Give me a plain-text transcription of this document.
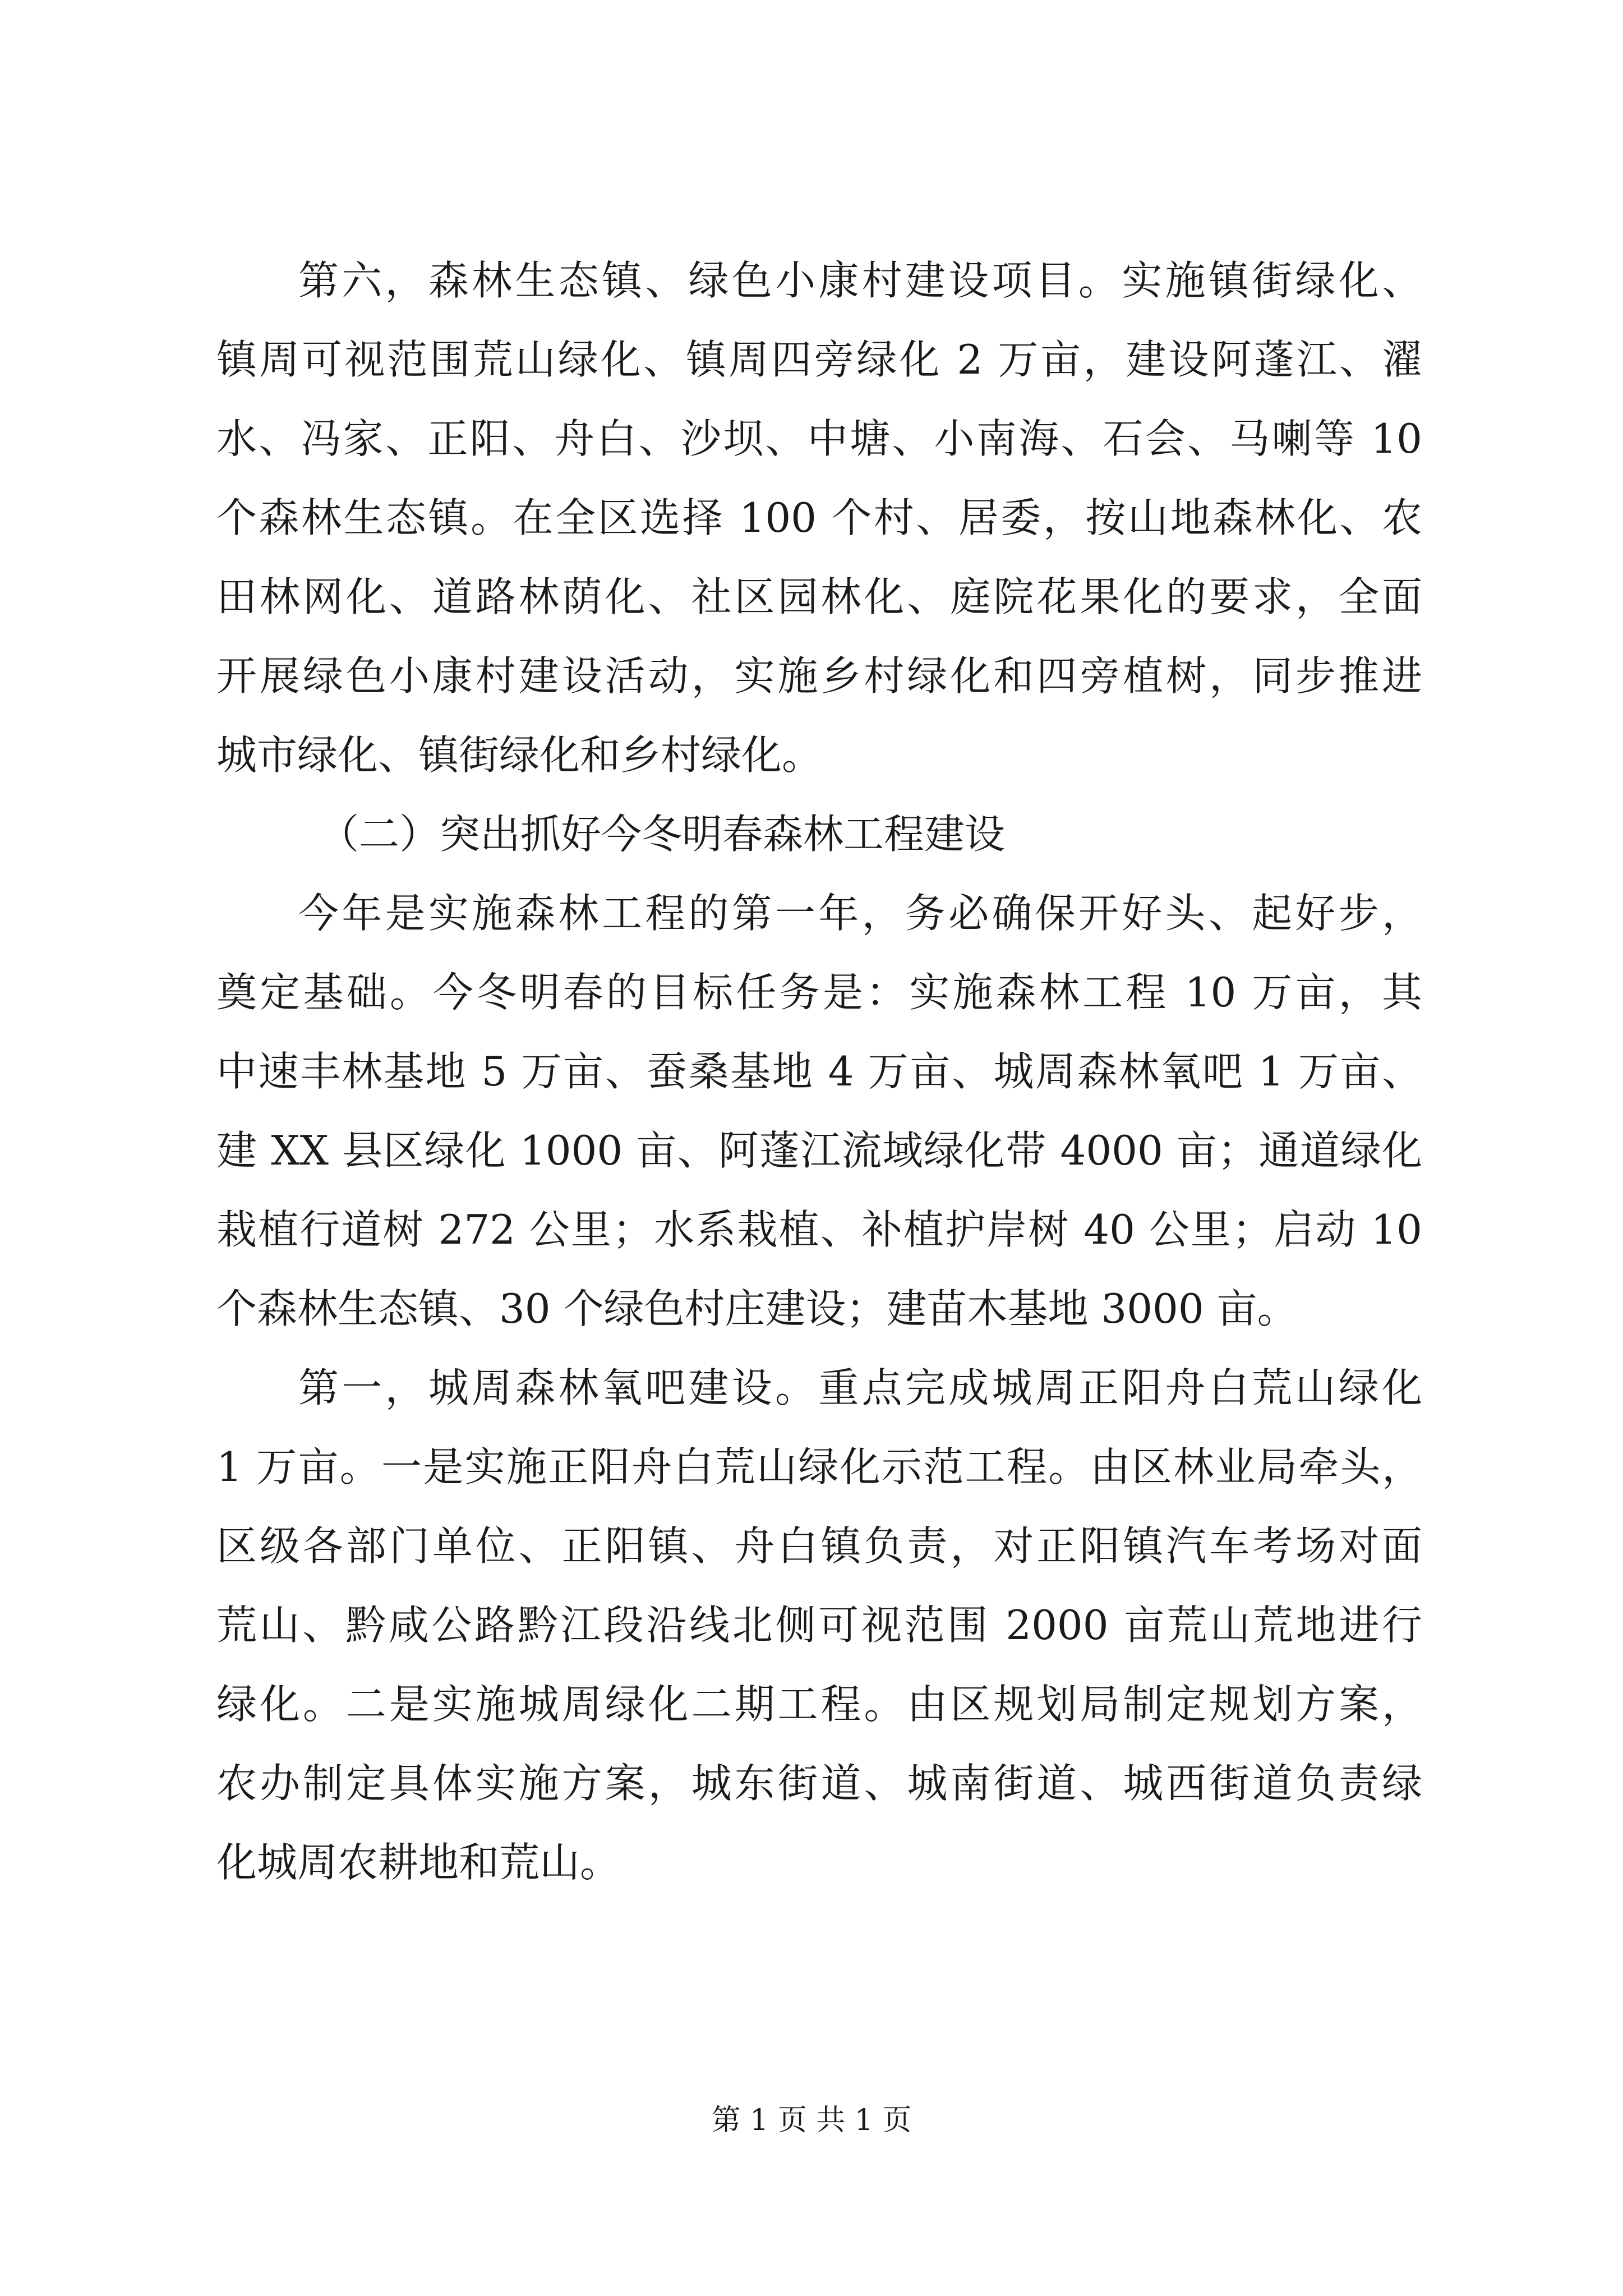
第六，森林生态镇、绿色小康村建设项目。实施镇街绿化、
镇周可视范围荒山绿化、镇周四旁绿化 2 万亩，建设阿蓬江、濯
水、冯家、正阳、舟白、沙坝、中塘、小南海、石会、马喇等 10
个森林生态镇。在全区选择 100 个村、居委，按山地森林化、农
田林网化、道路林荫化、社区园林化、庭院花果化的要求，全面
开展绿色小康村建设活动，实施乡村绿化和四旁植树，同步推进
城市绿化、镇街绿化和乡村绿化。
（二）突出抓好今冬明春森林工程建设
今年是实施森林工程的第一年，务必确保开好头、起好步，
奠定基础。今冬明春的目标任务是：实施森林工程 10 万亩，其
中速丰林基地 5 万亩、蚕桑基地 4 万亩、城周森林氧吧 1 万亩、
建 XX 县区绿化 1000 亩、阿蓬江流域绿化带 4000 亩；通道绿化
栽植行道树 272 公里；水系栽植、补植护岸树 40 公里；启动 10
个森林生态镇、30 个绿色村庄建设；建苗木基地 3000 亩。
第一，城周森林氧吧建设。重点完成城周正阳舟白荒山绿化
1 万亩。一是实施正阳舟白荒山绿化示范工程。由区林业局牵头，
区级各部门单位、正阳镇、舟白镇负责，对正阳镇汽车考场对面
荒山、黔咸公路黔江段沿线北侧可视范围 2000 亩荒山荒地进行
绿化。二是实施城周绿化二期工程。由区规划局制定规划方案，
农办制定具体实施方案，城东街道、城南街道、城西街道负责绿
化城周农耕地和荒山。
第 1 页 共 1 页
